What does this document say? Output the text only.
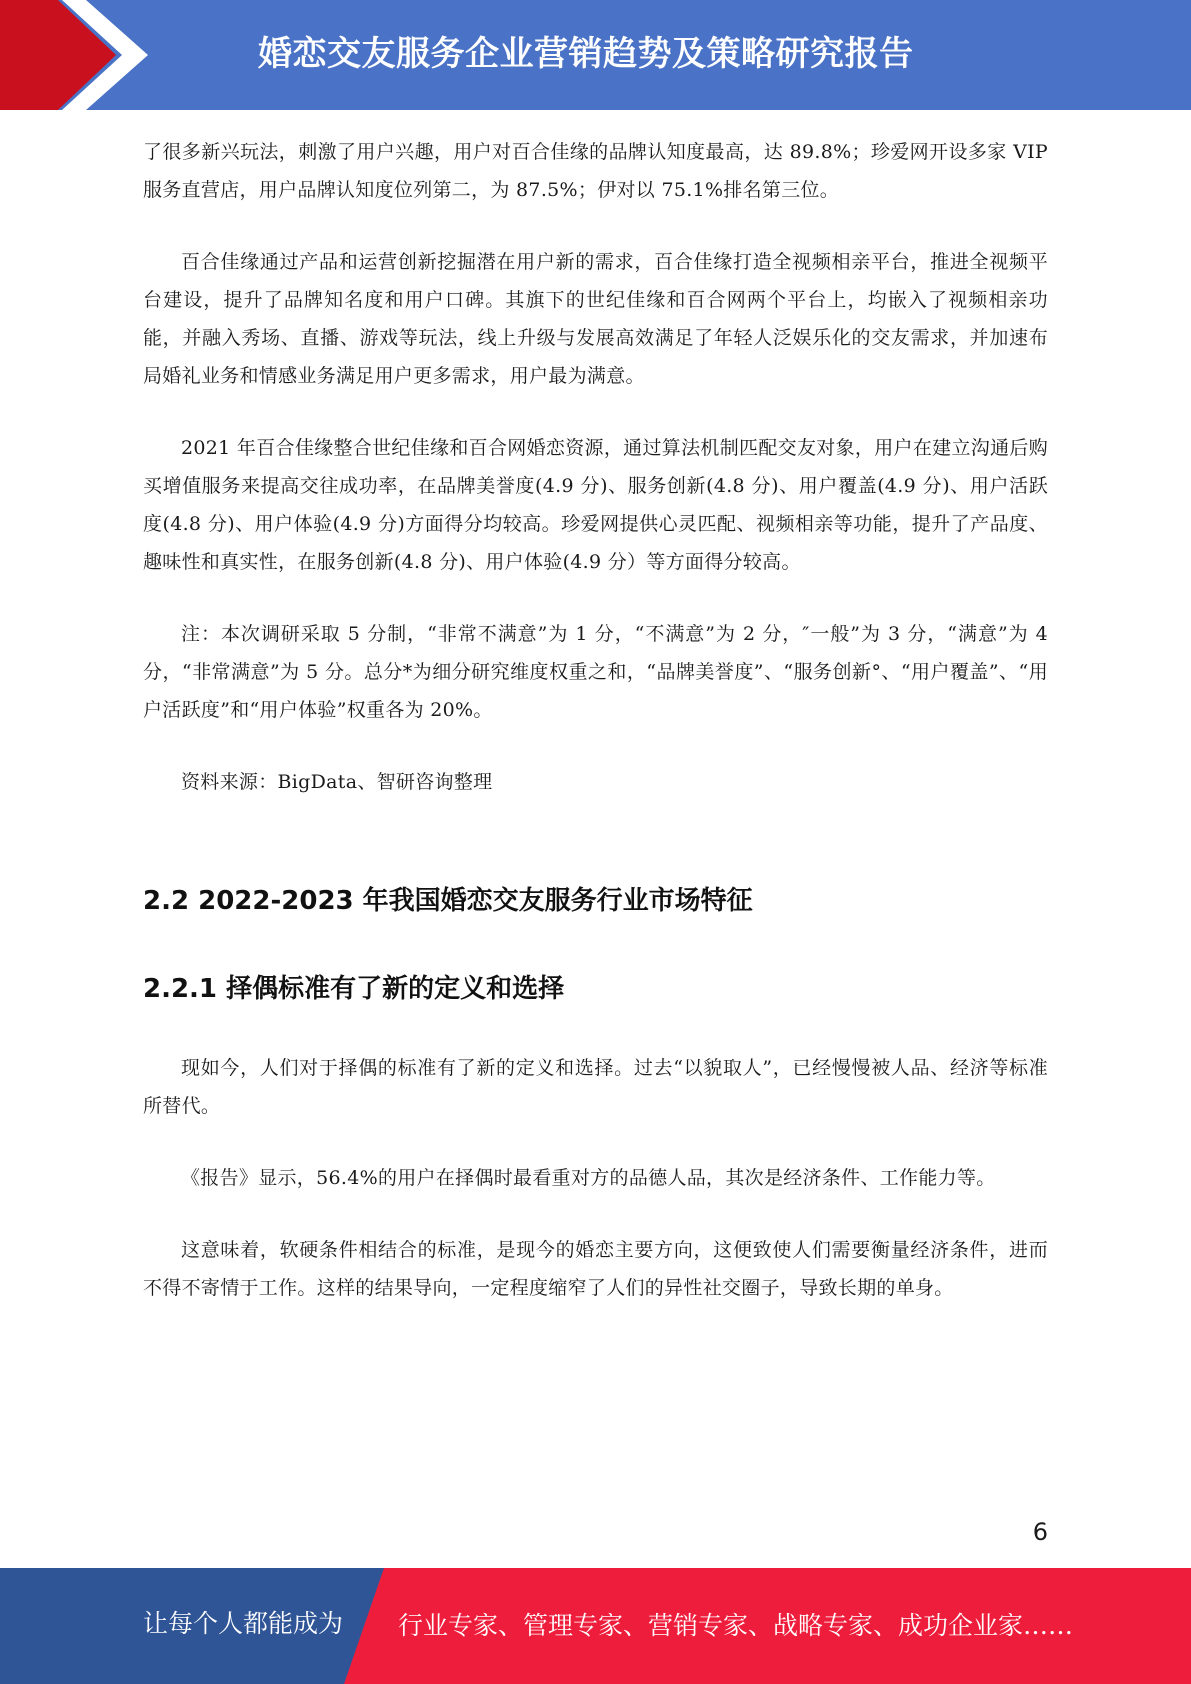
婚恋交友服务企业营销趋势及策略研究报告

了很多新兴玩法，刺激了用户兴趣，用户对百合佳缘的品牌认知度最高，达 89.8%；珍爱网开设多家 VIP 服务直营店，用户品牌认知度位列第二，为 87.5%；伊对以 75.1%排名第三位。

百合佳缘通过产品和运营创新挖掘潜在用户新的需求，百合佳缘打造全视频相亲平台，推进全视频平台建设，提升了品牌知名度和用户口碑。其旗下的世纪佳缘和百合网两个平台上，均嵌入了视频相亲功能，并融入秀场、直播、游戏等玩法，线上升级与发展高效满足了年轻人泛娱乐化的交友需求，并加速布局婚礼业务和情感业务满足用户更多需求，用户最为满意。

2021 年百合佳缘整合世纪佳缘和百合网婚恋资源，通过算法机制匹配交友对象，用户在建立沟通后购买增值服务来提高交往成功率，在品牌美誉度(4.9 分)、服务创新(4.8 分)、用户覆盖(4.9 分)、用户活跃度(4.8 分)、用户体验(4.9 分)方面得分均较高。珍爱网提供心灵匹配、视频相亲等功能，提升了产品度、趣味性和真实性，在服务创新(4.8 分)、用户体验(4.9 分）等方面得分较高。

注：本次调研采取 5 分制，“非常不满意”为 1 分，“不满意”为 2 分，″一般”为 3 分，“满意”为 4 分，“非常满意”为 5 分。总分*为细分研究维度权重之和，“品牌美誉度”、“服务创新°、“用户覆盖”、“用户活跃度”和“用户体验”权重各为 20%。

资料来源：BigData、智研咨询整理

2.2 2022-2023 年我国婚恋交友服务行业市场特征
2.2.1 择偶标准有了新的定义和选择

现如今，人们对于择偶的标准有了新的定义和选择。过去“以貌取人”，已经慢慢被人品、经济等标准所替代。

《报告》显示，56.4%的用户在择偶时最看重对方的品德人品，其次是经济条件、工作能力等。

这意味着，软硬条件相结合的标准，是现今的婚恋主要方向，这便致使人们需要衡量经济条件，进而不得不寄情于工作。这样的结果导向，一定程度缩窄了人们的异性社交圈子，导致长期的单身。

6
让每个人都能成为 行业专家、管理专家、营销专家、战略专家、成功企业家……
